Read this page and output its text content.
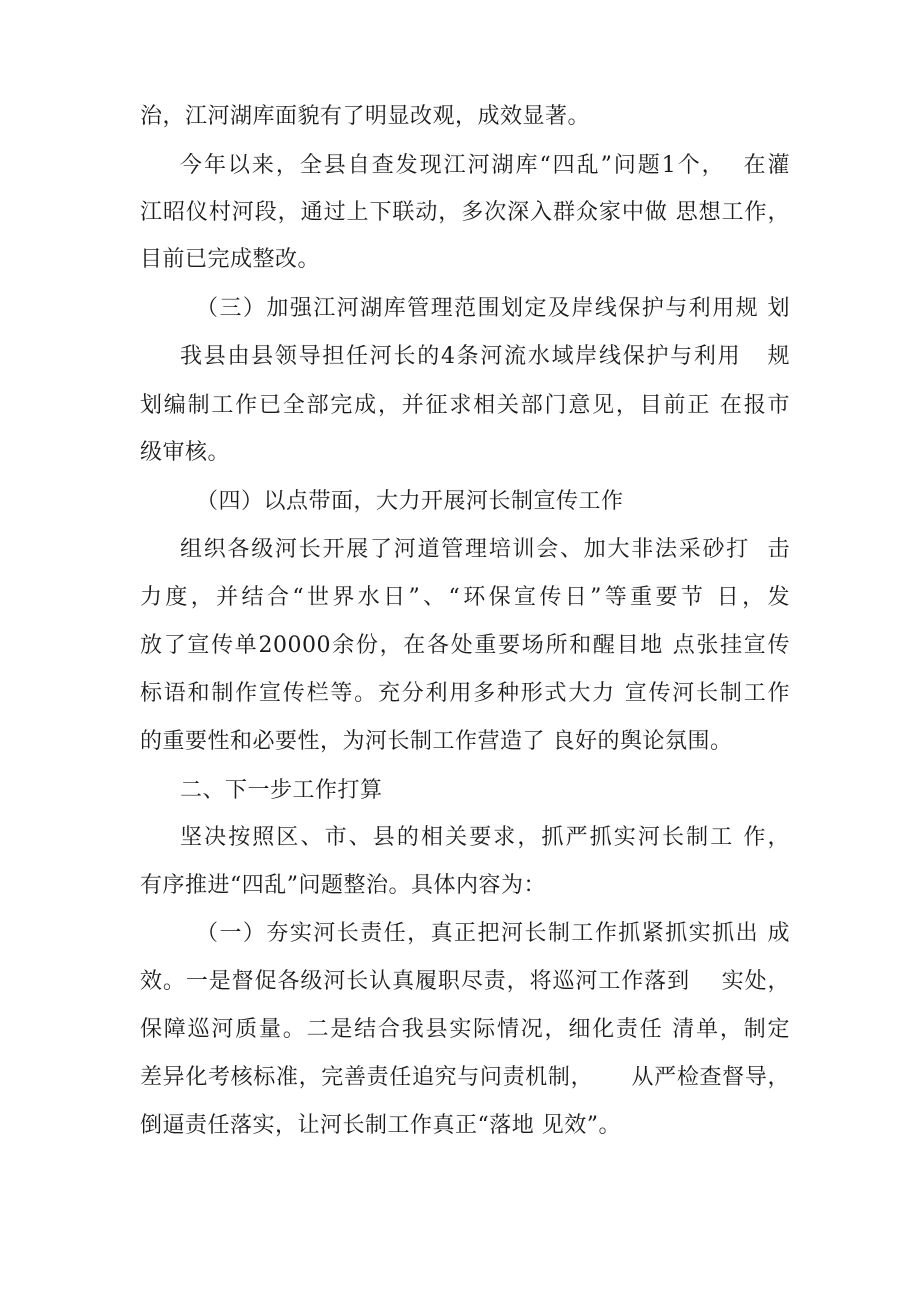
治，江河湖库面貌有了明显改观，成效显著。
今年以来，全县自查发现江河湖库“四乱”问题1个，  在灌
江昭仪村河段，通过上下联动，多次深入群众家中做 思想工作，
目前已完成整改。
（三）加强江河湖库管理范围划定及岸线保护与利用规 划
我县由县领导担任河长的4条河流水域岸线保护与利用   规
划编制工作已全部完成，并征求相关部门意见，目前正 在报市
级审核。
（四）以点带面，大力开展河长制宣传工作
组织各级河长开展了河道管理培训会、加大非法采砂打  击
力度，并结合“世界水日”、“环保宣传日”等重要节 日，发
放了宣传单20000余份，在各处重要场所和醒目地 点张挂宣传
标语和制作宣传栏等。充分利用多种形式大力 宣传河长制工作
的重要性和必要性，为河长制工作营造了 良好的舆论氛围。
二、下一步工作打算
坚决按照区、市、县的相关要求，抓严抓实河长制工 作，
有序推进“四乱”问题整治。具体内容为：
（一）夯实河长责任，真正把河长制工作抓紧抓实抓出 成
效。一是督促各级河长认真履职尽责，将巡河工作落到    实处，
保障巡河质量。二是结合我县实际情况，细化责任 清单，制定
差异化考核标准，完善责任追究与问责机制，     从严检查督导，
倒逼责任落实，让河长制工作真正“落地 见效”。
